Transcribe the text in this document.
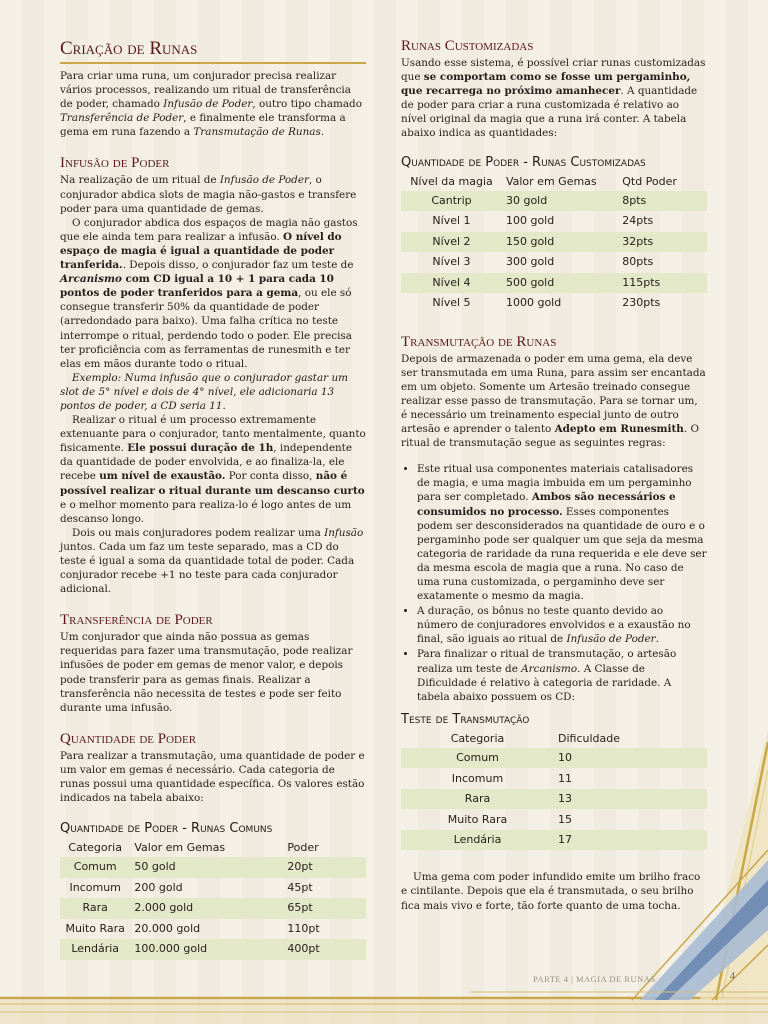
Criação de Runas

Para criar uma runa, um conjurador precisa realizar vários processos, realizando um ritual de transferência de poder, chamado Infusão de Poder, outro tipo chamado Transferência de Poder, e finalmente ele transforma a gema em runa fazendo a Transmutação de Runas.

Infusão de Poder

Na realização de um ritual de Infusão de Poder, o conjurador abdica slots de magia não-gastos e transfere poder para uma quantidade de gemas.

O conjurador abdica dos espaços de magia não gastos que ele ainda tem para realizar a infusão. O nível do espaço de magia é igual a quantidade de poder tranferida.. Depois disso, o conjurador faz um teste de Arcanismo com CD igual a 10 + 1 para cada 10 pontos de poder tranferidos para a gema, ou ele só consegue transferir 50% da quantidade de poder (arredondado para baixo). Uma falha crítica no teste interrompe o ritual, perdendo todo o poder. Ele precisa ter proficiência com as ferramentas de runesmith e ter elas em mãos durante todo o ritual.

Exemplo: Numa infusão que o conjurador gastar um slot de 5° nível e dois de 4° nível, ele adicionaria 13 pontos de poder, a CD seria 11.

Realizar o ritual é um processo extremamente extenuante para o conjurador, tanto mentalmente, quanto fisicamente. Ele possui duração de 1h, independente da quantidade de poder envolvida, e ao finaliza-la, ele recebe um nível de exaustão. Por conta disso, não é possível realizar o ritual durante um descanso curto e o melhor momento para realiza-lo é logo antes de um descanso longo.

Dois ou mais conjuradores podem realizar uma Infusão juntos. Cada um faz um teste separado, mas a CD do teste é igual a soma da quantidade total de poder. Cada conjurador recebe +1 no teste para cada conjurador adicional.

Transferência de Poder

Um conjurador que ainda não possua as gemas requeridas para fazer uma transmutação, pode realizar infusões de poder em gemas de menor valor, e depois pode transferir para as gemas finais. Realizar a transferência não necessita de testes e pode ser feito durante uma infusão.

Quantidade de Poder

Para realizar a transmutação, uma quantidade de poder e um valor em gemas é necessário. Cada categoria de runas possui uma quantidade específica. Os valores estão indicados na tabela abaixo:

Quantidade de Poder - Runas Comuns
Categoria	Valor em Gemas	Poder
Comum	50 gold	20pt
Incomum	200 gold	45pt
Rara	2.000 gold	65pt
Muito Rara	20.000 gold	110pt
Lendária	100.000 gold	400pt
Runas Customizadas

Usando esse sistema, é possível criar runas customizadas que se comportam como se fosse um pergaminho, que recarrega no próximo amanhecer. A quantidade de poder para criar a runa customizada é relativo ao nível original da magia que a runa irá conter. A tabela abaixo indica as quantidades:

Quantidade de Poder - Runas Customizadas
Nível da magia	Valor em Gemas	Qtd Poder
Cantrip	30 gold	8pts
Nível 1	100 gold	24pts
Nível 2	150 gold	32pts
Nível 3	300 gold	80pts
Nível 4	500 gold	115pts
Nível 5	1000 gold	230pts
Transmutação de Runas

Depois de armazenada o poder em uma gema, ela deve ser transmutada em uma Runa, para assim ser encantada em um objeto. Somente um Artesão treinado consegue realizar esse passo de transmutação. Para se tornar um, é necessário um treinamento especial junto de outro artesão e aprender o talento Adepto em Runesmith. O ritual de transmutação segue as seguintes regras:

• Este ritual usa componentes materiais catalisadores de magia, e uma magia imbuida em um pergaminho para ser completado. Ambos são necessários e consumidos no processo. Esses componentes podem ser desconsiderados na quantidade de ouro e o pergaminho pode ser qualquer um que seja da mesma categoria de raridade da runa requerida e ele deve ser da mesma escola de magia que a runa. No caso de uma runa customizada, o pergaminho deve ser exatamente o mesmo da magia.
• A duração, os bônus no teste quanto devido ao número de conjuradores envolvidos e a exaustão no final, são iguais ao ritual de Infusão de Poder.
• Para finalizar o ritual de transmutação, o artesão realiza um teste de Arcanismo. A Classe de Dificuldade é relativo à categoria de raridade. A tabela abaixo possuem os CD:
Teste de Transmutação
Categoria	Dificuldade
Comum	10
Incomum	11
Rara	13
Muito Rara	15
Lendária	17

Uma gema com poder infundido emite um brilho fraco e cintilante. Depois que ela é transmutada, o seu brilho fica mais vivo e forte, tão forte quanto de uma tocha.

PARTE 4 | MAGIA DE RUNAS	4
